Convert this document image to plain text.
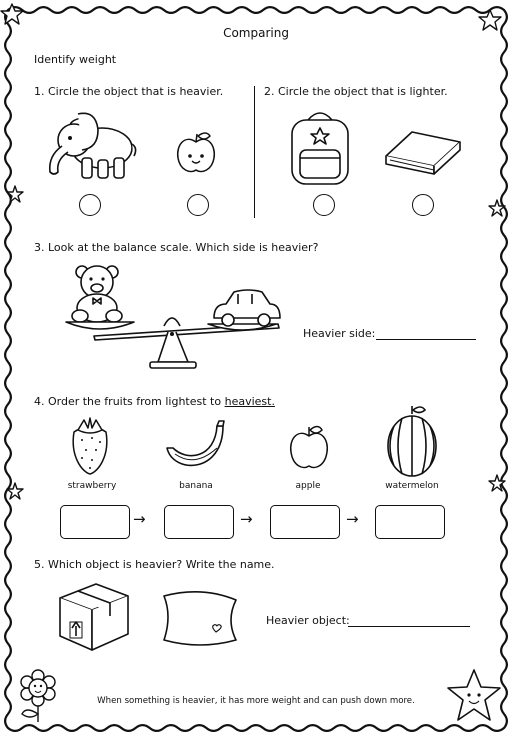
Comparing
Identify weight
1. Circle the object that is heavier.	2. Circle the object that is lighter.
3. Look at the balance scale. Which side is heavier?
Heavier side:
4. Order the fruits from lightest to heaviest.
strawberry	banana	apple	watermelon
→	→	→
5. Which object is heavier? Write the name.
Heavier object:
When something is heavier, it has more weight and can push down more.
